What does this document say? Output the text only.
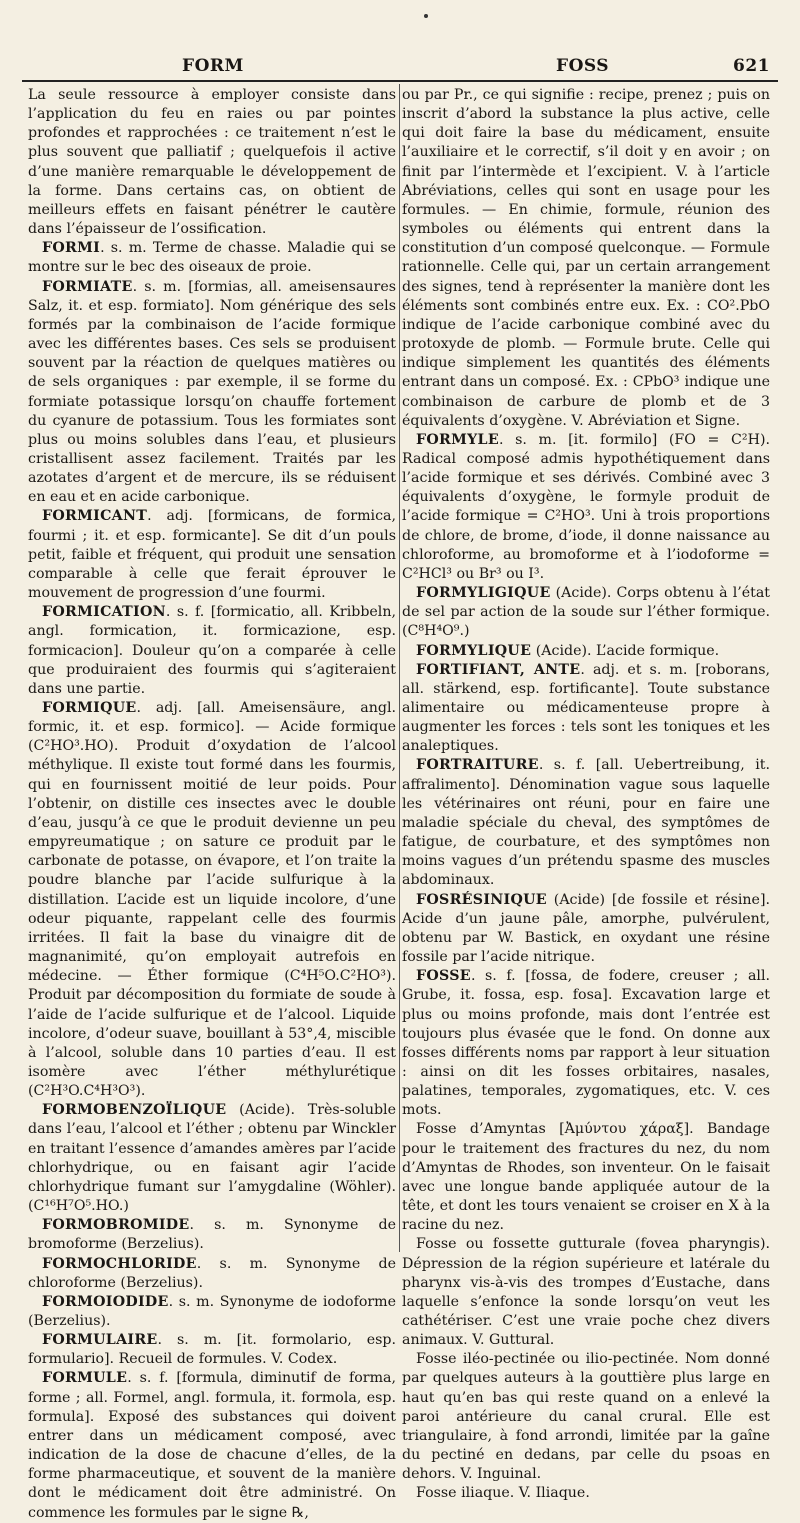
FORM	FOSS	621

La seule ressource à employer consiste dans l’application du feu en raies ou par pointes profondes et rapprochées : ce traitement n’est le plus souvent que palliatif ; quelquefois il active d’une manière remarquable le développement de la forme. Dans certains cas, on obtient de meilleurs effets en faisant pénétrer le cautère dans l’épaisseur de l’ossification.

FORMI. s. m. Terme de chasse. Maladie qui se montre sur le bec des oiseaux de proie.

FORMIATE. s. m. [formias, all. ameisensaures Salz, it. et esp. formiato]. Nom générique des sels formés par la combinaison de l’acide formique avec les différentes bases. Ces sels se produisent souvent par la réaction de quelques matières ou de sels organiques : par exemple, il se forme du formiate potassique lorsqu’on chauffe fortement du cyanure de potassium. Tous les formiates sont plus ou moins solubles dans l’eau, et plusieurs cristallisent assez facilement. Traités par les azotates d’argent et de mercure, ils se réduisent en eau et en acide carbonique.

FORMICANT. adj. [formicans, de formica, fourmi ; it. et esp. formicante]. Se dit d’un pouls petit, faible et fréquent, qui produit une sensation comparable à celle que ferait éprouver le mouvement de progression d’une fourmi.

FORMICATION. s. f. [formicatio, all. Kribbeln, angl. formication, it. formicazione, esp. formicacion]. Douleur qu’on a comparée à celle que produiraient des fourmis qui s’agiteraient dans une partie.

FORMIQUE. adj. [all. Ameisensäure, angl. formic, it. et esp. formico]. — Acide formique (C²HO³.HO). Produit d’oxydation de l’alcool méthylique. Il existe tout formé dans les fourmis, qui en fournissent moitié de leur poids. Pour l’obtenir, on distille ces insectes avec le double d’eau, jusqu’à ce que le produit devienne un peu empyreumatique ; on sature ce produit par le carbonate de potasse, on évapore, et l’on traite la poudre blanche par l’acide sulfurique à la distillation. L’acide est un liquide incolore, d’une odeur piquante, rappelant celle des fourmis irritées. Il fait la base du vinaigre dit de magnanimité, qu’on employait autrefois en médecine. — Éther formique (C⁴H⁵O.C²HO³). Produit par décomposition du formiate de soude à l’aide de l’acide sulfurique et de l’alcool. Liquide incolore, d’odeur suave, bouillant à 53°,4, miscible à l’alcool, soluble dans 10 parties d’eau. Il est isomère avec l’éther méthylurétique (C²H³O.C⁴H³O³).

FORMOBENZOÏLIQUE (Acide). Très-soluble dans l’eau, l’alcool et l’éther ; obtenu par Winckler en traitant l’essence d’amandes amères par l’acide chlorhydrique, ou en faisant agir l’acide chlorhydrique fumant sur l’amygdaline (Wöhler). (C¹⁶H⁷O⁵.HO.)

FORMOBROMIDE. s. m. Synonyme de bromoforme (Berzelius).

FORMOCHLORIDE. s. m. Synonyme de chloroforme (Berzelius).

FORMOIODIDE. s. m. Synonyme de iodoforme (Berzelius).

FORMULAIRE. s. m. [it. formolario, esp. formulario]. Recueil de formules. V. Codex.

FORMULE. s. f. [formula, diminutif de forma, forme ; all. Formel, angl. formula, it. formola, esp. formula]. Exposé des substances qui doivent entrer dans un médicament composé, avec indication de la dose de chacune d’elles, de la forme pharmaceutique, et souvent de la manière dont le médicament doit être administré. On commence les formules par le signe ℞,

ou par Pr., ce qui signifie : recipe, prenez ; puis on inscrit d’abord la substance la plus active, celle qui doit faire la base du médicament, ensuite l’auxiliaire et le correctif, s’il doit y en avoir ; on finit par l’intermède et l’excipient. V. à l’article Abréviations, celles qui sont en usage pour les formules. — En chimie, formule, réunion des symboles ou éléments qui entrent dans la constitution d’un composé quelconque. — Formule rationnelle. Celle qui, par un certain arrangement des signes, tend à représenter la manière dont les éléments sont combinés entre eux. Ex. : CO².PbO indique de l’acide carbonique combiné avec du protoxyde de plomb. — Formule brute. Celle qui indique simplement les quantités des éléments entrant dans un composé. Ex. : CPbO³ indique une combinaison de carbure de plomb et de 3 équivalents d’oxygène. V. Abréviation et Signe.

FORMYLE. s. m. [it. formilo] (FO = C²H). Radical composé admis hypothétiquement dans l’acide formique et ses dérivés. Combiné avec 3 équivalents d’oxygène, le formyle produit de l’acide formique = C²HO³. Uni à trois proportions de chlore, de brome, d’iode, il donne naissance au chloroforme, au bromoforme et à l’iodoforme = C²HCl³ ou Br³ ou I³.

FORMYLIGIQUE (Acide). Corps obtenu à l’état de sel par action de la soude sur l’éther formique. (C⁸H⁴O⁹.)

FORMYLIQUE (Acide). L’acide formique.

FORTIFIANT, ANTE. adj. et s. m. [roborans, all. stärkend, esp. fortificante]. Toute substance alimentaire ou médicamenteuse propre à augmenter les forces : tels sont les toniques et les analeptiques.

FORTRAITURE. s. f. [all. Uebertreibung, it. affralimento]. Dénomination vague sous laquelle les vétérinaires ont réuni, pour en faire une maladie spéciale du cheval, des symptômes de fatigue, de courbature, et des symptômes non moins vagues d’un prétendu spasme des muscles abdominaux.

FOSRÉSINIQUE (Acide) [de fossile et résine]. Acide d’un jaune pâle, amorphe, pulvérulent, obtenu par W. Bastick, en oxydant une résine fossile par l’acide nitrique.

FOSSE. s. f. [fossa, de fodere, creuser ; all. Grube, it. fossa, esp. fosa]. Excavation large et plus ou moins profonde, mais dont l’entrée est toujours plus évasée que le fond. On donne aux fosses différents noms par rapport à leur situation : ainsi on dit les fosses orbitaires, nasales, palatines, temporales, zygomatiques, etc. V. ces mots.

Fosse d’Amyntas [Ἀμύντου χάραξ]. Bandage pour le traitement des fractures du nez, du nom d’Amyntas de Rhodes, son inventeur. On le faisait avec une longue bande appliquée autour de la tête, et dont les tours venaient se croiser en X à la racine du nez.

Fosse ou fossette gutturale (fovea pharyngis). Dépression de la région supérieure et latérale du pharynx vis-à-vis des trompes d’Eustache, dans laquelle s’enfonce la sonde lorsqu’on veut les cathétériser. C’est une vraie poche chez divers animaux. V. Guttural.

Fosse iléo-pectinée ou ilio-pectinée. Nom donné par quelques auteurs à la gouttière plus large en haut qu’en bas qui reste quand on a enlevé la paroi antérieure du canal crural. Elle est triangulaire, à fond arrondi, limitée par la gaîne du pectiné en dedans, par celle du psoas en dehors. V. Inguinal.

Fosse iliaque. V. Iliaque.
